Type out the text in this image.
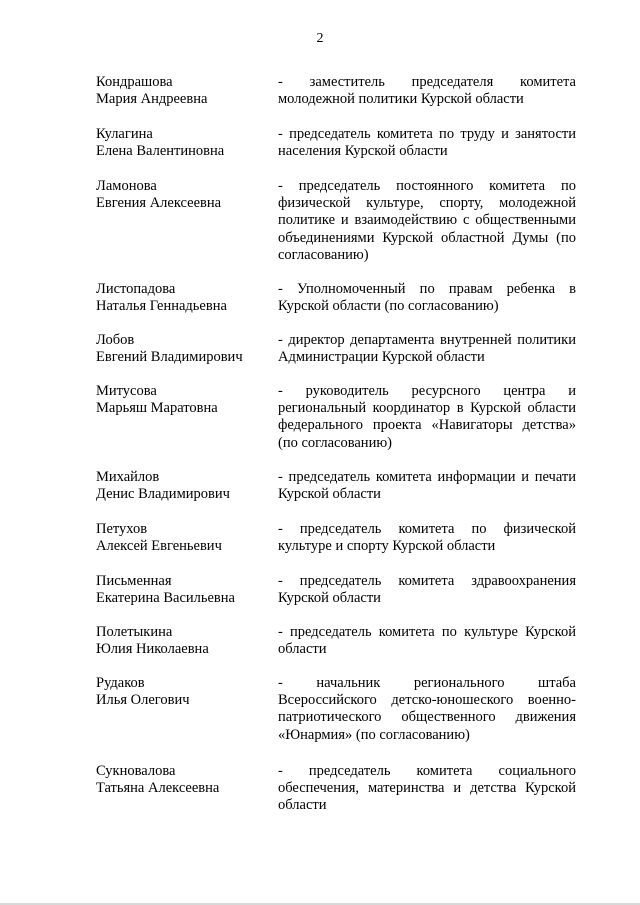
2
Кондрашова
Мария Андреевна
- заместитель председателя комитета молодежной политики Курской области
Кулагина
Елена Валентиновна
- председатель комитета по труду и занятости населения Курской области
Ламонова
Евгения Алексеевна
- председатель постоянного комитета по физической культуре, спорту, молодежной политике и взаимодействию с общественными объединениями Курской областной Думы (по согласованию)
Листопадова
Наталья Геннадьевна
- Уполномоченный по правам ребенка в Курской области (по согласованию)
Лобов
Евгений Владимирович
- директор департамента внутренней политики Администрации Курской области
Митусова
Марьяш Маратовна
- руководитель ресурсного центра и региональный координатор в Курской области федерального проекта «Навигаторы детства» (по согласованию)
Михайлов
Денис Владимирович
- председатель комитета информации и печати Курской области
Петухов
Алексей Евгеньевич
- председатель комитета по физической культуре и спорту Курской области
Письменная
Екатерина Васильевна
- председатель комитета здравоохранения Курской области
Полетыкина
Юлия Николаевна
- председатель комитета по культуре Курской области
Рудаков
Илья Олегович
- начальник регионального штаба Всероссийского детско-юношеского военно-патриотического общественного движения «Юнармия» (по согласованию)
Сукновалова
Татьяна Алексеевна
- председатель комитета социального обеспечения, материнства и детства Курской области
